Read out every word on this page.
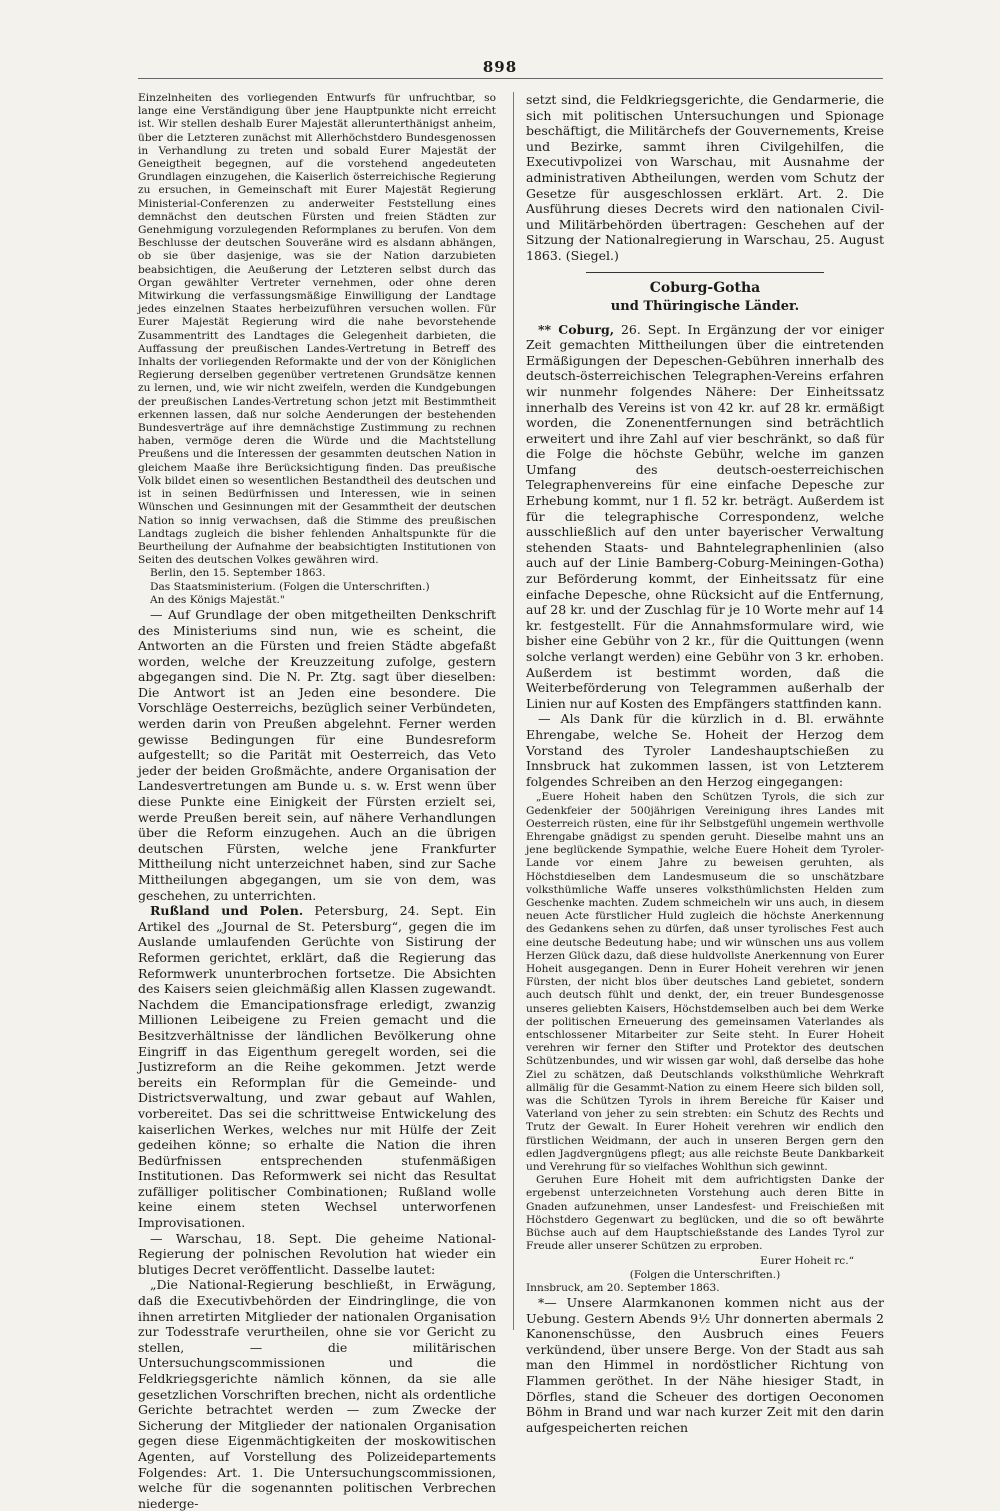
898

Einzelnheiten des vorliegenden Entwurfs für unfruchtbar, so lange eine Verständigung über jene Hauptpunkte nicht erreicht ist. Wir stellen deshalb Eurer Majestät allerunterthänigst anheim, über die Letzteren zunächst mit Allerhöchstdero Bundesgenossen in Verhandlung zu treten und sobald Eurer Majestät der Geneigtheit begegnen, auf die vorstehend angedeuteten Grundlagen einzugehen, die Kaiserlich österreichische Regierung zu ersuchen, in Gemeinschaft mit Eurer Majestät Regierung Ministerial-Conferenzen zu anderweiter Feststellung eines demnächst den deutschen Fürsten und freien Städten zur Genehmigung vorzulegenden Reformplanes zu berufen. Von dem Beschlusse der deutschen Souveräne wird es alsdann abhängen, ob sie über dasjenige, was sie der Nation darzubieten beabsichtigen, die Aeußerung der Letzteren selbst durch das Organ gewählter Vertreter vernehmen, oder ohne deren Mitwirkung die verfassungsmäßige Einwilligung der Landtage jedes einzelnen Staates herbeizuführen versuchen wollen. Für Eurer Majestät Regierung wird die nahe bevorstehende Zusammentritt des Landtages die Gelegenheit darbieten, die Auffassung der preußischen Landes-Vertretung in Betreff des Inhalts der vorliegenden Reformakte und der von der Königlichen Regierung derselben gegenüber vertretenen Grundsätze kennen zu lernen, und, wie wir nicht zweifeln, werden die Kundgebungen der preußischen Landes-Vertretung schon jetzt mit Bestimmtheit erkennen lassen, daß nur solche Aenderungen der bestehenden Bundesverträge auf ihre demnächstige Zustimmung zu rechnen haben, vermöge deren die Würde und die Machtstellung Preußens und die Interessen der gesammten deutschen Nation in gleichem Maaße ihre Berücksichtigung finden. Das preußische Volk bildet einen so wesentlichen Bestandtheil des deutschen und ist in seinen Bedürfnissen und Interessen, wie in seinen Wünschen und Gesinnungen mit der Gesammtheit der deutschen Nation so innig verwachsen, daß die Stimme des preußischen Landtags zugleich die bisher fehlenden Anhaltspunkte für die Beurtheilung der Aufnahme der beabsichtigten Institutionen von Seiten des deutschen Volkes gewähren wird.

Berlin, den 15. September 1863.

Das Staatsministerium. (Folgen die Unterschriften.)

An des Königs Majestät."

— Auf Grundlage der oben mitgetheilten Denkschrift des Ministeriums sind nun, wie es scheint, die Antworten an die Fürsten und freien Städte abgefaßt worden, welche der Kreuzzeitung zufolge, gestern abgegangen sind. Die N. Pr. Ztg. sagt über dieselben: Die Antwort ist an Jeden eine besondere. Die Vorschläge Oesterreichs, bezüglich seiner Verbündeten, werden darin von Preußen abgelehnt. Ferner werden gewisse Bedingungen für eine Bundesreform aufgestellt; so die Parität mit Oesterreich, das Veto jeder der beiden Großmächte, andere Organisation der Landesvertretungen am Bunde u. s. w. Erst wenn über diese Punkte eine Einigkeit der Fürsten erzielt sei, werde Preußen bereit sein, auf nähere Verhandlungen über die Reform einzugehen. Auch an die übrigen deutschen Fürsten, welche jene Frankfurter Mittheilung nicht unterzeichnet haben, sind zur Sache Mittheilungen abgegangen, um sie von dem, was geschehen, zu unterrichten.

Rußland und Polen. Petersburg, 24. Sept. Ein Artikel des „Journal de St. Petersburg“, gegen die im Auslande umlaufenden Gerüchte von Sistirung der Reformen gerichtet, erklärt, daß die Regierung das Reformwerk ununterbrochen fortsetze. Die Absichten des Kaisers seien gleichmäßig allen Klassen zugewandt. Nachdem die Emancipationsfrage erledigt, zwanzig Millionen Leibeigene zu Freien gemacht und die Besitzverhältnisse der ländlichen Bevölkerung ohne Eingriff in das Eigenthum geregelt worden, sei die Justizreform an die Reihe gekommen. Jetzt werde bereits ein Reformplan für die Gemeinde- und Districtsverwaltung, und zwar gebaut auf Wahlen, vorbereitet. Das sei die schrittweise Entwickelung des kaiserlichen Werkes, welches nur mit Hülfe der Zeit gedeihen könne; so erhalte die Nation die ihren Bedürfnissen entsprechenden stufenmäßigen Institutionen. Das Reformwerk sei nicht das Resultat zufälliger politischer Combinationen; Rußland wolle keine einem steten Wechsel unterworfenen Improvisationen.

— Warschau, 18. Sept. Die geheime National-Regierung der polnischen Revolution hat wieder ein blutiges Decret veröffentlicht. Dasselbe lautet:

„Die National-Regierung beschließt, in Erwägung, daß die Executivbehörden der Eindringlinge, die von ihnen arretirten Mitglieder der nationalen Organisation zur Todesstrafe verurtheilen, ohne sie vor Gericht zu stellen, — die militärischen Untersuchungscommissionen und die Feldkriegsgerichte nämlich können, da sie alle gesetzlichen Vorschriften brechen, nicht als ordentliche Gerichte betrachtet werden — zum Zwecke der Sicherung der Mitglieder der nationalen Organisation gegen diese Eigenmächtigkeiten der moskowitischen Agenten, auf Vorstellung des Polizeidepartements Folgendes: Art. 1. Die Untersuchungscommissionen, welche für die sogenannten politischen Verbrechen niederge-

setzt sind, die Feldkriegsgerichte, die Gendarmerie, die sich mit politischen Untersuchungen und Spionage beschäftigt, die Militärchefs der Gouvernements, Kreise und Bezirke, sammt ihren Civilgehilfen, die Executivpolizei von Warschau, mit Ausnahme der administrativen Abtheilungen, werden vom Schutz der Gesetze für ausgeschlossen erklärt. Art. 2. Die Ausführung dieses Decrets wird den nationalen Civil- und Militärbehörden übertragen: Geschehen auf der Sitzung der Nationalregierung in Warschau, 25. August 1863. (Siegel.)

Coburg-Gotha
und Thüringische Länder.

** Coburg, 26. Sept. In Ergänzung der vor einiger Zeit gemachten Mittheilungen über die eintretenden Ermäßigungen der Depeschen-Gebühren innerhalb des deutsch-österreichischen Telegraphen-Vereins erfahren wir nunmehr folgendes Nähere: Der Einheitssatz innerhalb des Vereins ist von 42 kr. auf 28 kr. ermäßigt worden, die Zonenentfernungen sind beträchtlich erweitert und ihre Zahl auf vier beschränkt, so daß für die Folge die höchste Gebühr, welche im ganzen Umfang des deutsch-oesterreichischen Telegraphenvereins für eine einfache Depesche zur Erhebung kommt, nur 1 fl. 52 kr. beträgt. Außerdem ist für die telegraphische Correspondenz, welche ausschließlich auf den unter bayerischer Verwaltung stehenden Staats- und Bahntelegraphenlinien (also auch auf der Linie Bamberg-Coburg-Meiningen-Gotha) zur Beförderung kommt, der Einheitssatz für eine einfache Depesche, ohne Rücksicht auf die Entfernung, auf 28 kr. und der Zuschlag für je 10 Worte mehr auf 14 kr. festgestellt. Für die Annahmsformulare wird, wie bisher eine Gebühr von 2 kr., für die Quittungen (wenn solche verlangt werden) eine Gebühr von 3 kr. erhoben. Außerdem ist bestimmt worden, daß die Weiterbeförderung von Telegrammen außerhalb der Linien nur auf Kosten des Empfängers stattfinden kann.

— Als Dank für die kürzlich in d. Bl. erwähnte Ehrengabe, welche Se. Hoheit der Herzog dem Vorstand des Tyroler Landeshauptschießen zu Innsbruck hat zukommen lassen, ist von Letzterem folgendes Schreiben an den Herzog eingegangen:

„Euere Hoheit haben den Schützen Tyrols, die sich zur Gedenkfeier der 500jährigen Vereinigung ihres Landes mit Oesterreich rüsten, eine für ihr Selbstgefühl ungemein werthvolle Ehrengabe gnädigst zu spenden geruht. Dieselbe mahnt uns an jene beglückende Sympathie, welche Euere Hoheit dem Tyroler-Lande vor einem Jahre zu beweisen geruhten, als Höchstdieselben dem Landesmuseum die so unschätzbare volksthümliche Waffe unseres volksthümlichsten Helden zum Geschenke machten. Zudem schmeicheln wir uns auch, in diesem neuen Acte fürstlicher Huld zugleich die höchste Anerkennung des Gedankens sehen zu dürfen, daß unser tyrolisches Fest auch eine deutsche Bedeutung habe; und wir wünschen uns aus vollem Herzen Glück dazu, daß diese huldvollste Anerkennung von Eurer Hoheit ausgegangen. Denn in Eurer Hoheit verehren wir jenen Fürsten, der nicht blos über deutsches Land gebietet, sondern auch deutsch fühlt und denkt, der, ein treuer Bundesgenosse unseres geliebten Kaisers, Höchstdemselben auch bei dem Werke der politischen Erneuerung des gemeinsamen Vaterlandes als entschlossener Mitarbeiter zur Seite steht. In Eurer Hoheit verehren wir ferner den Stifter und Protektor des deutschen Schützenbundes, und wir wissen gar wohl, daß derselbe das hohe Ziel zu schätzen, daß Deutschlands volksthümliche Wehrkraft allmälig für die Gesammt-Nation zu einem Heere sich bilden soll, was die Schützen Tyrols in ihrem Bereiche für Kaiser und Vaterland von jeher zu sein strebten: ein Schutz des Rechts und Trutz der Gewalt. In Eurer Hoheit verehren wir endlich den fürstlichen Weidmann, der auch in unseren Bergen gern den edlen Jagdvergnügens pflegt; aus alle reichste Beute Dankbarkeit und Verehrung für so vielfaches Wohlthun sich gewinnt.

Geruhen Eure Hoheit mit dem aufrichtigsten Danke der ergebenst unterzeichneten Vorstehung auch deren Bitte in Gnaden aufzunehmen, unser Landesfest- und Freischießen mit Höchstdero Gegenwart zu beglücken, und die so oft bewährte Büchse auch auf dem Hauptschießstande des Landes Tyrol zur Freude aller unserer Schützen zu erproben.

Eurer Hoheit rc.“
(Folgen die Unterschriften.)
Innsbruck, am 20. September 1863.

*— Unsere Alarmkanonen kommen nicht aus der Uebung. Gestern Abends 9½ Uhr donnerten abermals 2 Kanonenschüsse, den Ausbruch eines Feuers verkündend, über unsere Berge. Von der Stadt aus sah man den Himmel in nordöstlicher Richtung von Flammen geröthet. In der Nähe hiesiger Stadt, in Dörfles, stand die Scheuer des dortigen Oeconomen Böhm in Brand und war nach kurzer Zeit mit den darin aufgespeicherten reichen
